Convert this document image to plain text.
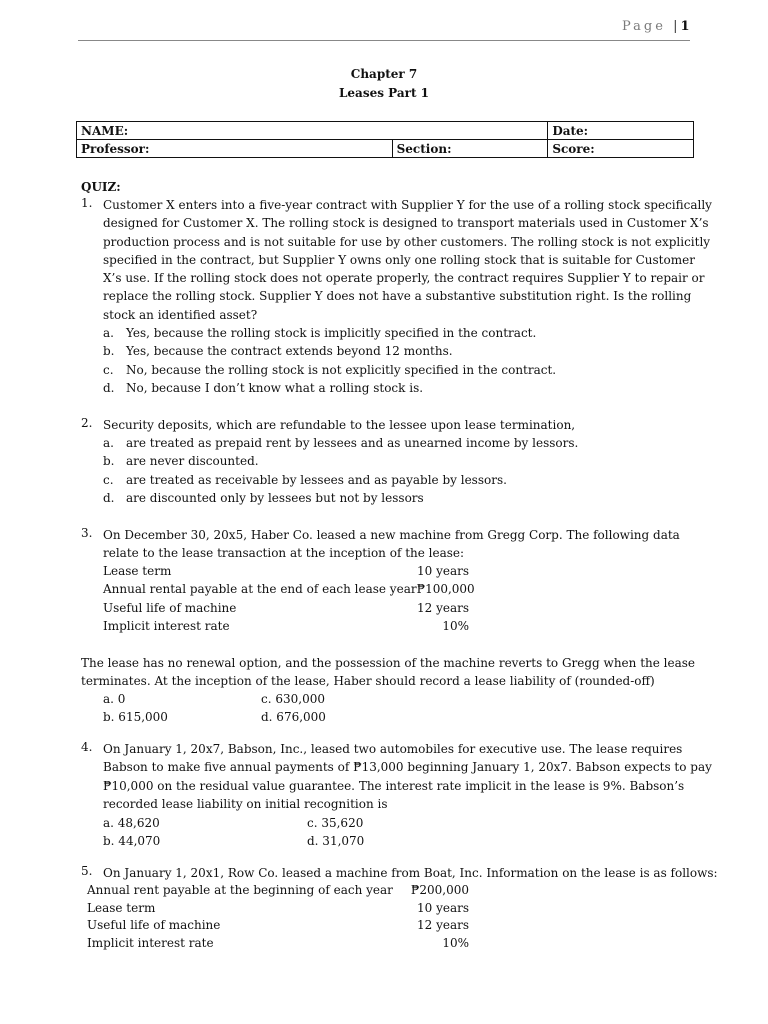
Page |1
Chapter 7
Leases Part 1
NAME:		Date:
Professor:	Section:	Score:
QUIZ:
1. Customer X enters into a five-year contract with Supplier Y for the use of a rolling stock specifically
designed for Customer X. The rolling stock is designed to transport materials used in Customer X’s
production process and is not suitable for use by other customers. The rolling stock is not explicitly
specified in the contract, but Supplier Y owns only one rolling stock that is suitable for Customer
X’s use. If the rolling stock does not operate properly, the contract requires Supplier Y to repair or
replace the rolling stock. Supplier Y does not have a substantive substitution right. Is the rolling
stock an identified asset?
a. Yes, because the rolling stock is implicitly specified in the contract.
b. Yes, because the contract extends beyond 12 months.
c. No, because the rolling stock is not explicitly specified in the contract.
d. No, because I don’t know what a rolling stock is.
2. Security deposits, which are refundable to the lessee upon lease termination,
a. are treated as prepaid rent by lessees and as unearned income by lessors.
b. are never discounted.
c. are treated as receivable by lessees and as payable by lessors.
d. are discounted only by lessees but not by lessors
3. On December 30, 20x5, Haber Co. leased a new machine from Gregg Corp. The following data
relate to the lease transaction at the inception of the lease:
Lease term	10 years
Annual rental payable at the end of each lease year ₱100,000
Useful life of machine	12 years
Implicit interest rate	10%
The lease has no renewal option, and the possession of the machine reverts to Gregg when the lease
terminates. At the inception of the lease, Haber should record a lease liability of (rounded-off)
a. 0	c. 630,000
b. 615,000	d. 676,000
4. On January 1, 20x7, Babson, Inc., leased two automobiles for executive use. The lease requires
Babson to make five annual payments of ₱13,000 beginning January 1, 20x7. Babson expects to pay
₱10,000 on the residual value guarantee. The interest rate implicit in the lease is 9%. Babson’s
recorded lease liability on initial recognition is
a. 48,620	c. 35,620
b. 44,070	d. 31,070
5. On January 1, 20x1, Row Co. leased a machine from Boat, Inc. Information on the lease is as follows:
Annual rent payable at the beginning of each year ₱200,000
Lease term	10 years
Useful life of machine	12 years
Implicit interest rate	10%
